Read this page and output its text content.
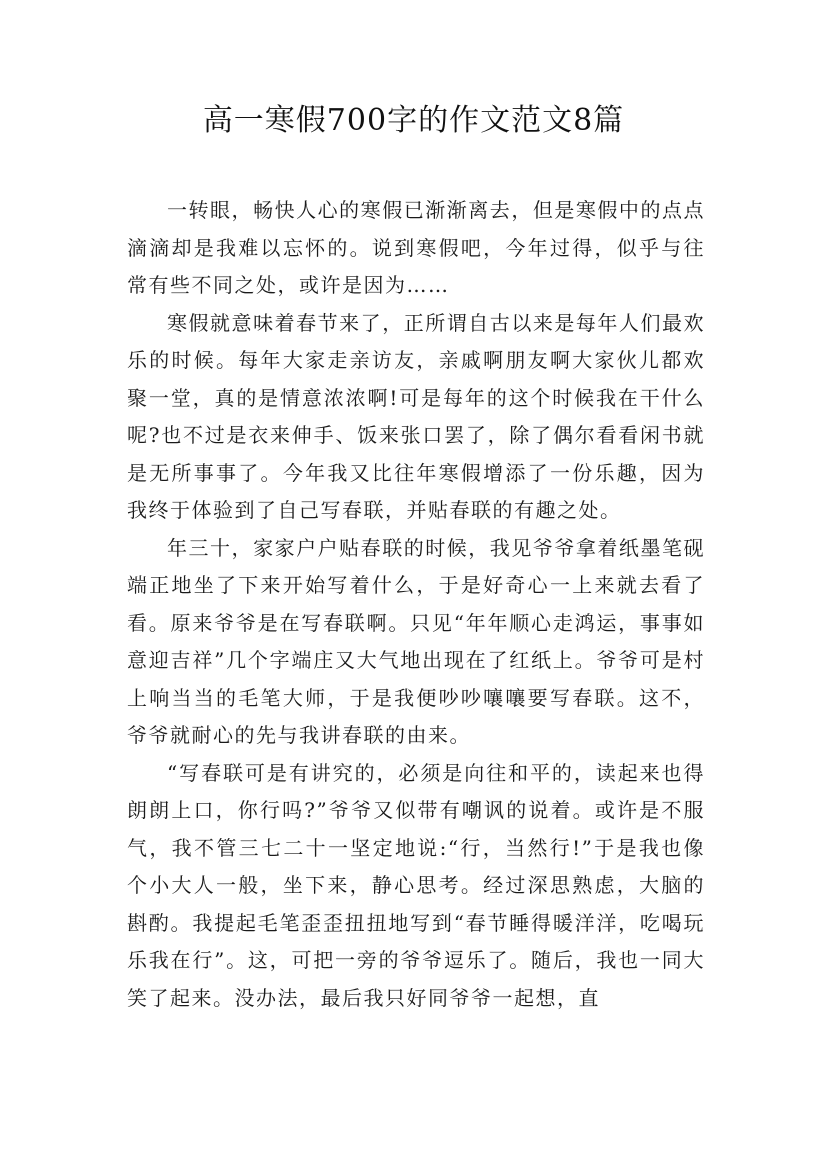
高一寒假700字的作文范文8篇

一转眼，畅快人心的寒假已渐渐离去，但是寒假中的点点滴滴却是我难以忘怀的。说到寒假吧，今年过得，似乎与往常有些不同之处，或许是因为……

寒假就意味着春节来了，正所谓自古以来是每年人们最欢乐的时候。每年大家走亲访友，亲戚啊朋友啊大家伙儿都欢聚一堂，真的是情意浓浓啊!可是每年的这个时候我在干什么呢?也不过是衣来伸手、饭来张口罢了，除了偶尔看看闲书就是无所事事了。今年我又比往年寒假增添了一份乐趣，因为我终于体验到了自己写春联，并贴春联的有趣之处。

年三十，家家户户贴春联的时候，我见爷爷拿着纸墨笔砚端正地坐了下来开始写着什么，于是好奇心一上来就去看了看。原来爷爷是在写春联啊。只见“年年顺心走鸿运，事事如意迎吉祥”几个字端庄又大气地出现在了红纸上。爷爷可是村上响当当的毛笔大师，于是我便吵吵嚷嚷要写春联。这不，爷爷就耐心的先与我讲春联的由来。

“写春联可是有讲究的，必须是向往和平的，读起来也得朗朗上口，你行吗?”爷爷又似带有嘲讽的说着。或许是不服气，我不管三七二十一坚定地说:“行，当然行!”于是我也像个小大人一般，坐下来，静心思考。经过深思熟虑，大脑的斟酌。我提起毛笔歪歪扭扭地写到“春节睡得暖洋洋，吃喝玩乐我在行”。这，可把一旁的爷爷逗乐了。随后，我也一同大笑了起来。没办法，最后我只好同爷爷一起想，直
